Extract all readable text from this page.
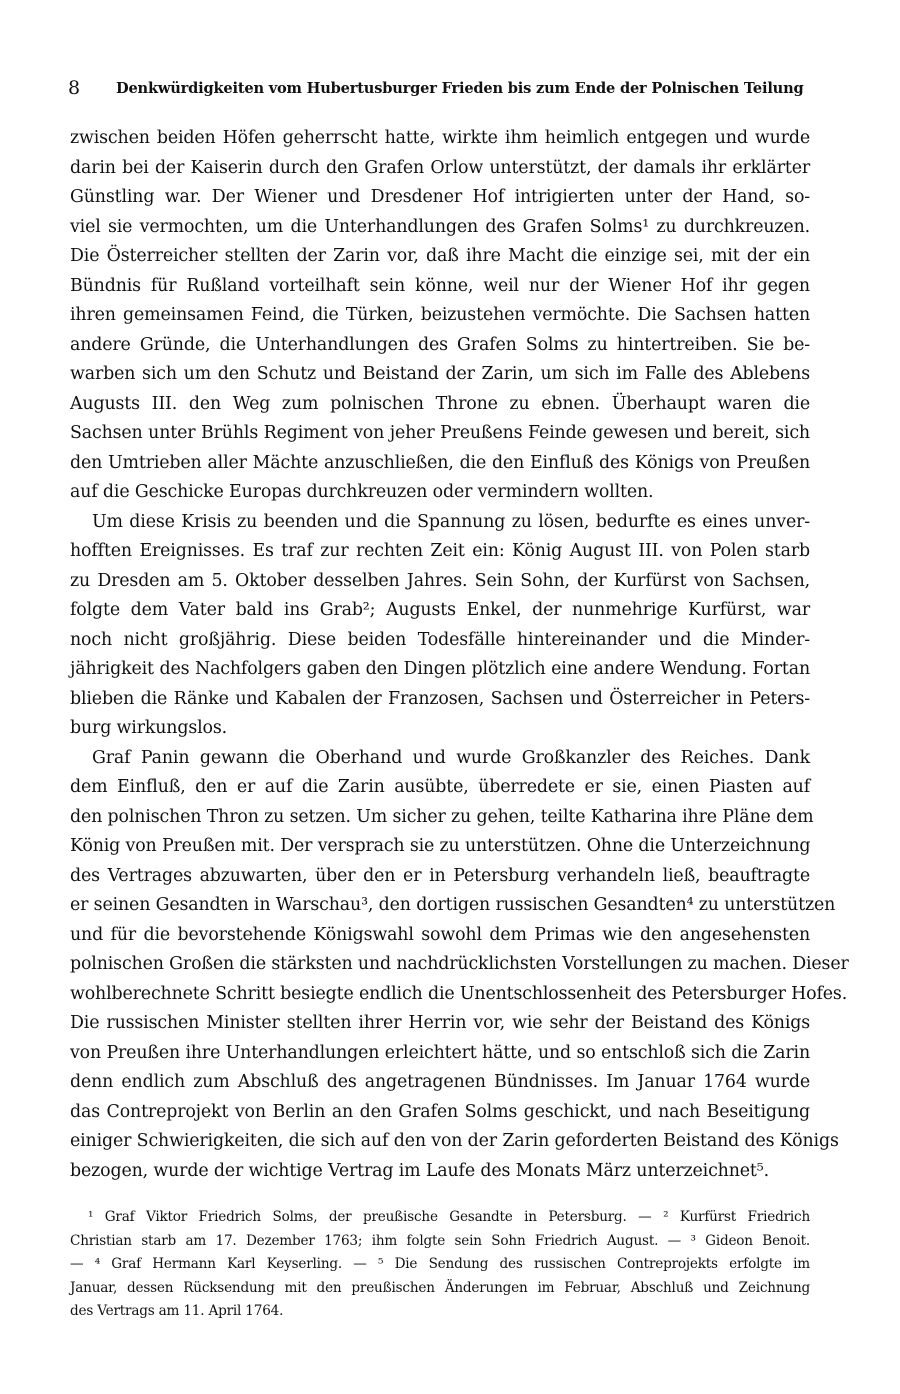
8 Denkwürdigkeiten vom Hubertusburger Frieden bis zum Ende der Polnischen Teilung
zwischen beiden Höfen geherrscht hatte, wirkte ihm heimlich entgegen und wurde
darin bei der Kaiserin durch den Grafen Orlow unterstützt, der damals ihr erklärter
Günstling war. Der Wiener und Dresdener Hof intrigierten unter der Hand, so-
viel sie vermochten, um die Unterhandlungen des Grafen Solms¹ zu durchkreuzen.
Die Österreicher stellten der Zarin vor, daß ihre Macht die einzige sei, mit der ein
Bündnis für Rußland vorteilhaft sein könne, weil nur der Wiener Hof ihr gegen
ihren gemeinsamen Feind, die Türken, beizustehen vermöchte. Die Sachsen hatten
andere Gründe, die Unterhandlungen des Grafen Solms zu hintertreiben. Sie be-
warben sich um den Schutz und Beistand der Zarin, um sich im Falle des Ablebens
Augusts III. den Weg zum polnischen Throne zu ebnen. Überhaupt waren die
Sachsen unter Brühls Regiment von jeher Preußens Feinde gewesen und bereit, sich
den Umtrieben aller Mächte anzuschließen, die den Einfluß des Königs von Preußen
auf die Geschicke Europas durchkreuzen oder vermindern wollten.
Um diese Krisis zu beenden und die Spannung zu lösen, bedurfte es eines unver-
hofften Ereignisses. Es traf zur rechten Zeit ein: König August III. von Polen starb
zu Dresden am 5. Oktober desselben Jahres. Sein Sohn, der Kurfürst von Sachsen,
folgte dem Vater bald ins Grab²; Augusts Enkel, der nunmehrige Kurfürst, war
noch nicht großjährig. Diese beiden Todesfälle hintereinander und die Minder-
jährigkeit des Nachfolgers gaben den Dingen plötzlich eine andere Wendung. Fortan
blieben die Ränke und Kabalen der Franzosen, Sachsen und Österreicher in Peters-
burg wirkungslos.
Graf Panin gewann die Oberhand und wurde Großkanzler des Reiches. Dank
dem Einfluß, den er auf die Zarin ausübte, überredete er sie, einen Piasten auf
den polnischen Thron zu setzen. Um sicher zu gehen, teilte Katharina ihre Pläne dem
König von Preußen mit. Der versprach sie zu unterstützen. Ohne die Unterzeichnung
des Vertrages abzuwarten, über den er in Petersburg verhandeln ließ, beauftragte
er seinen Gesandten in Warschau³, den dortigen russischen Gesandten⁴ zu unterstützen
und für die bevorstehende Königswahl sowohl dem Primas wie den angesehensten
polnischen Großen die stärksten und nachdrücklichsten Vorstellungen zu machen. Dieser
wohlberechnete Schritt besiegte endlich die Unentschlossenheit des Petersburger Hofes.
Die russischen Minister stellten ihrer Herrin vor, wie sehr der Beistand des Königs
von Preußen ihre Unterhandlungen erleichtert hätte, und so entschloß sich die Zarin
denn endlich zum Abschluß des angetragenen Bündnisses. Im Januar 1764 wurde
das Contreprojekt von Berlin an den Grafen Solms geschickt, und nach Beseitigung
einiger Schwierigkeiten, die sich auf den von der Zarin geforderten Beistand des Königs
bezogen, wurde der wichtige Vertrag im Laufe des Monats März unterzeichnet⁵.
¹ Graf Viktor Friedrich Solms, der preußische Gesandte in Petersburg. — ² Kurfürst Friedrich
Christian starb am 17. Dezember 1763; ihm folgte sein Sohn Friedrich August. — ³ Gideon Benoit.
— ⁴ Graf Hermann Karl Keyserling. — ⁵ Die Sendung des russischen Contreprojekts erfolgte im
Januar, dessen Rücksendung mit den preußischen Änderungen im Februar, Abschluß und Zeichnung
des Vertrags am 11. April 1764.
